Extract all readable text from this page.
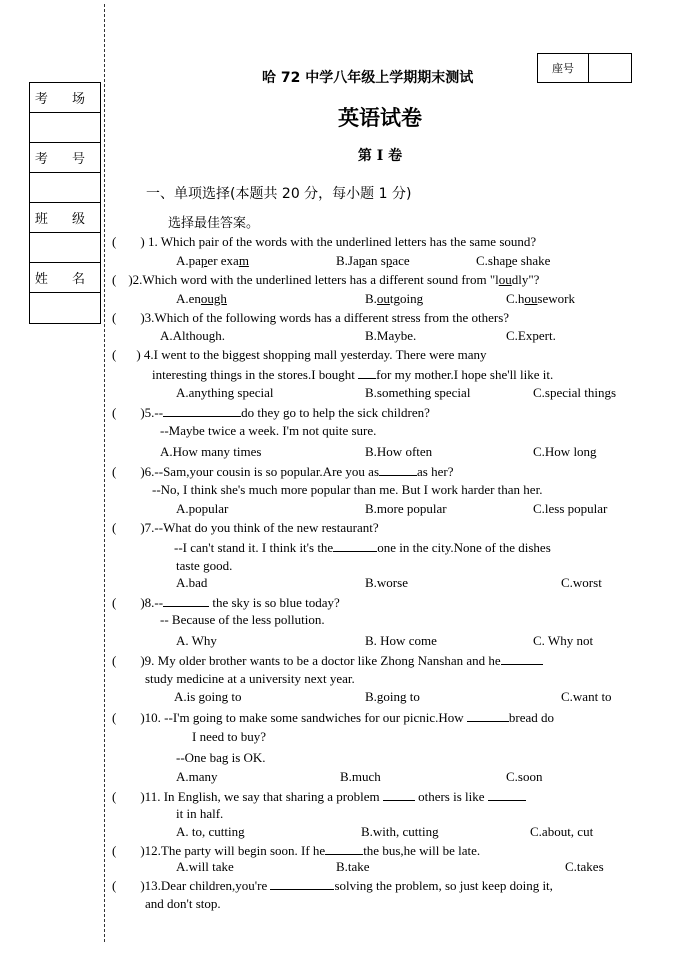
考 场
考 号
班 级
姓 名
座号
哈 72 中学八年级上学期期末测试
英语试卷
第 I 卷
一、单项选择(本题共 20 分，每小题 1 分)
选择最佳答案。
( ) 1. Which pair of the words with the underlined letters has the same sound?
A.paper exam	B.Japan space	C.shape shake
( )2.Which word with the underlined letters has a different sound from "loudly"?
A.enough	B.outgoing	C.housework
( )3.Which of the following words has a different stress from the others?
A.Although.	B.Maybe.	C.Expert.
( ) 4.I went to the biggest shopping mall yesterday. There were many
interesting things in the stores.I bought for my mother.I hope she'll like it.
A.anything special	B.something special	C.special things
( )5.--	do they go to help the sick children?
--Maybe twice a week. I'm not quite sure.
A.How many times	B.How often	C.How long
( )6.--Sam,your cousin is so popular.Are you as	as her?
--No, I think she's much more popular than me. But I work harder than her.
A.popular	B.more popular	C.less popular
( )7.--What do you think of the new restaurant?
--I can't stand it. I think it's the	one in the city.None of the dishes
taste good.
A.bad	B.worse	C.worst
( )8.--	the sky is so blue today?
-- Because of the less pollution.
A. Why	B. How come	C. Why not
( )9. My older brother wants to be a doctor like Zhong Nanshan and he
study medicine at a university next year.
A.is going to	B.going to	C.want to
( )10. --I'm going to make some sandwiches for our picnic.How	bread do
I need to buy?
--One bag is OK.
A.many	B.much	C.soon
( )11. In English, we say that sharing a problem  others is like
it in half.
A. to, cutting	B.with, cutting	C.about, cut
( )12.The party will begin soon. If he	the bus,he will be late.
A.will take	B.take	C.takes
( )13.Dear children,you're	solving the problem, so just keep doing it,
and don't stop.
